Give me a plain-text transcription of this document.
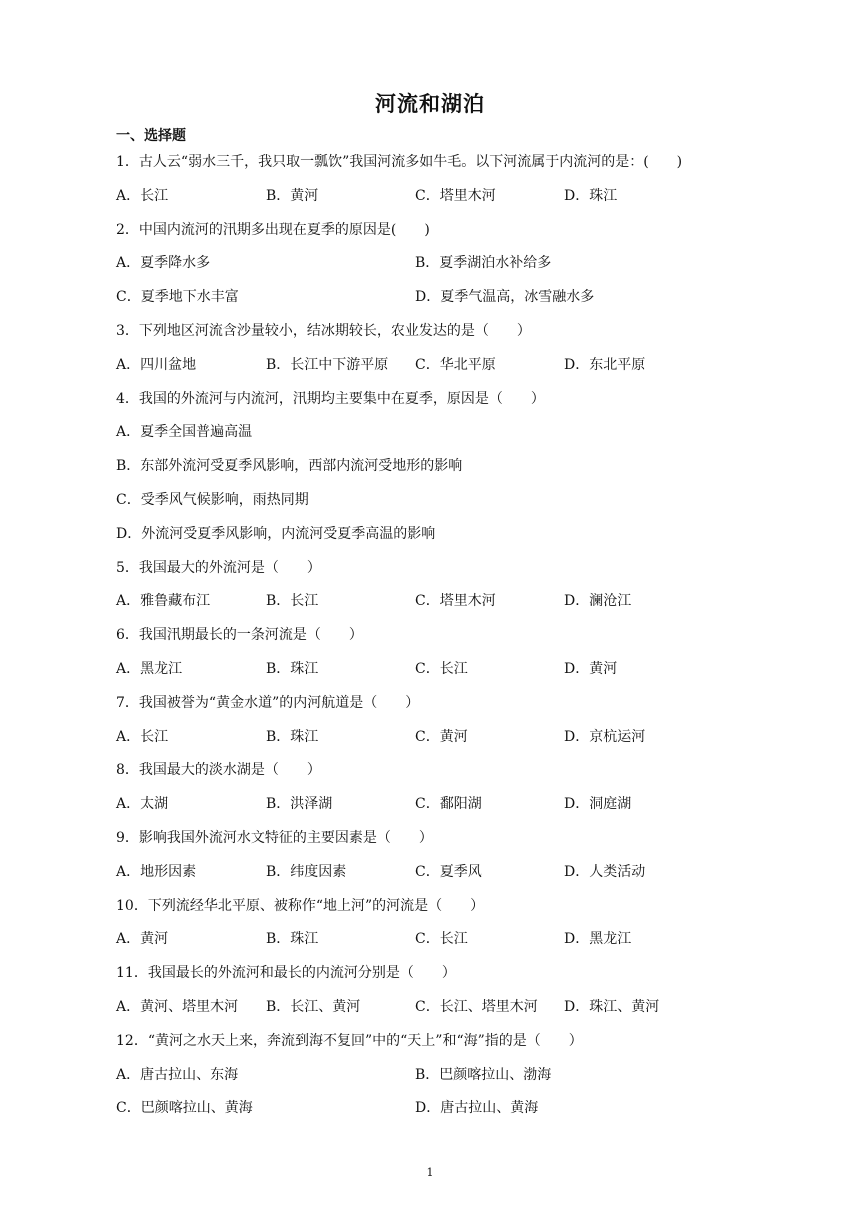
河流和湖泊
一、选择题
1．古人云“弱水三千，我只取一瓢饮”我国河流多如牛毛。以下河流属于内流河的是：(　　)
A．长江	B．黄河	C．塔里木河	D．珠江
2．中国内流河的汛期多出现在夏季的原因是(　　)
A．夏季降水多	B．夏季湖泊水补给多
C．夏季地下水丰富	D．夏季气温高，冰雪融水多
3．下列地区河流含沙量较小，结冰期较长，农业发达的是（　　）
A．四川盆地	B．长江中下游平原 C．华北平原	D．东北平原
4．我国的外流河与内流河，汛期均主要集中在夏季，原因是（　　）
A．夏季全国普遍高温
B．东部外流河受夏季风影响，西部内流河受地形的影响
C．受季风气候影响，雨热同期
D．外流河受夏季风影响，内流河受夏季高温的影响
5．我国最大的外流河是（　　）
A．雅鲁藏布江	B．长江	C．塔里木河	D．澜沧江
6．我国汛期最长的一条河流是（　　）
A．黑龙江	B．珠江	C．长江	D．黄河
7．我国被誉为“黄金水道”的内河航道是（　　）
A．长江	B．珠江	C．黄河	D．京杭运河
8．我国最大的淡水湖是（　　）
A．太湖	B．洪泽湖	C．鄱阳湖	D．洞庭湖
9．影响我国外流河水文特征的主要因素是（　　）
A．地形因素	B．纬度因素	C．夏季风	D．人类活动
10．下列流经华北平原、被称作“地上河”的河流是（　　）
A．黄河	B．珠江	C．长江	D．黑龙江
11．我国最长的外流河和最长的内流河分别是（　　）
A．黄河、塔里木河 B．长江、黄河	C．长江、塔里木河 D．珠江、黄河
12．“黄河之水天上来，奔流到海不复回”中的“天上”和“海”指的是（　　）
A．唐古拉山、东海	B．巴颜喀拉山、渤海
C．巴颜喀拉山、黄海	D．唐古拉山、黄海
1
